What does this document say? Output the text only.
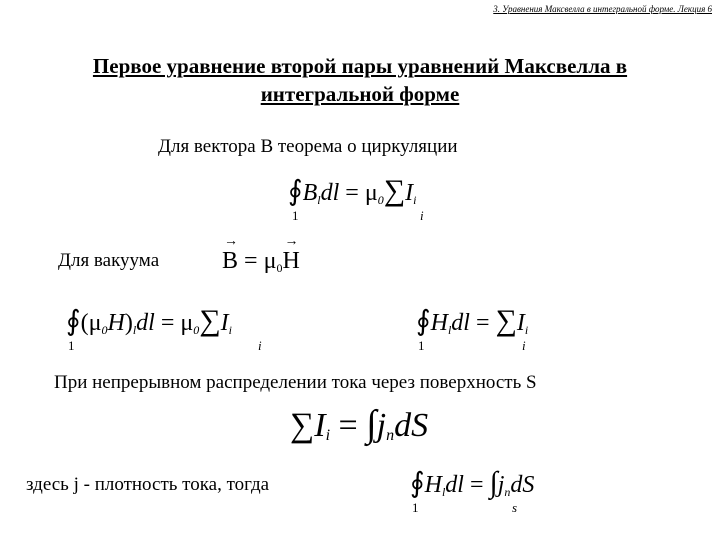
3. Уравнения Максвелла в интегральной форме. Лекция 6
Первое уравнение второй пары уравнений Максвелла в
интегральной форме
Для вектора B теорема о циркуляции
$∮B_ldl = \mu_0\sum I_i$
1	i
Для вакуума
→	$B = \mu_0\to H$
$∮(\mu_0H)_ldl = \mu_0\sum I_i$
1	i
$∮H_ldl = \sum I_i$
1	i
При непрерывном распределении тока через поверхность S
$\sum I_i = \int j_ndS$
здесь j - плотность тока, тогда	$∮H_ldl = \int j_ndS$
1	s
